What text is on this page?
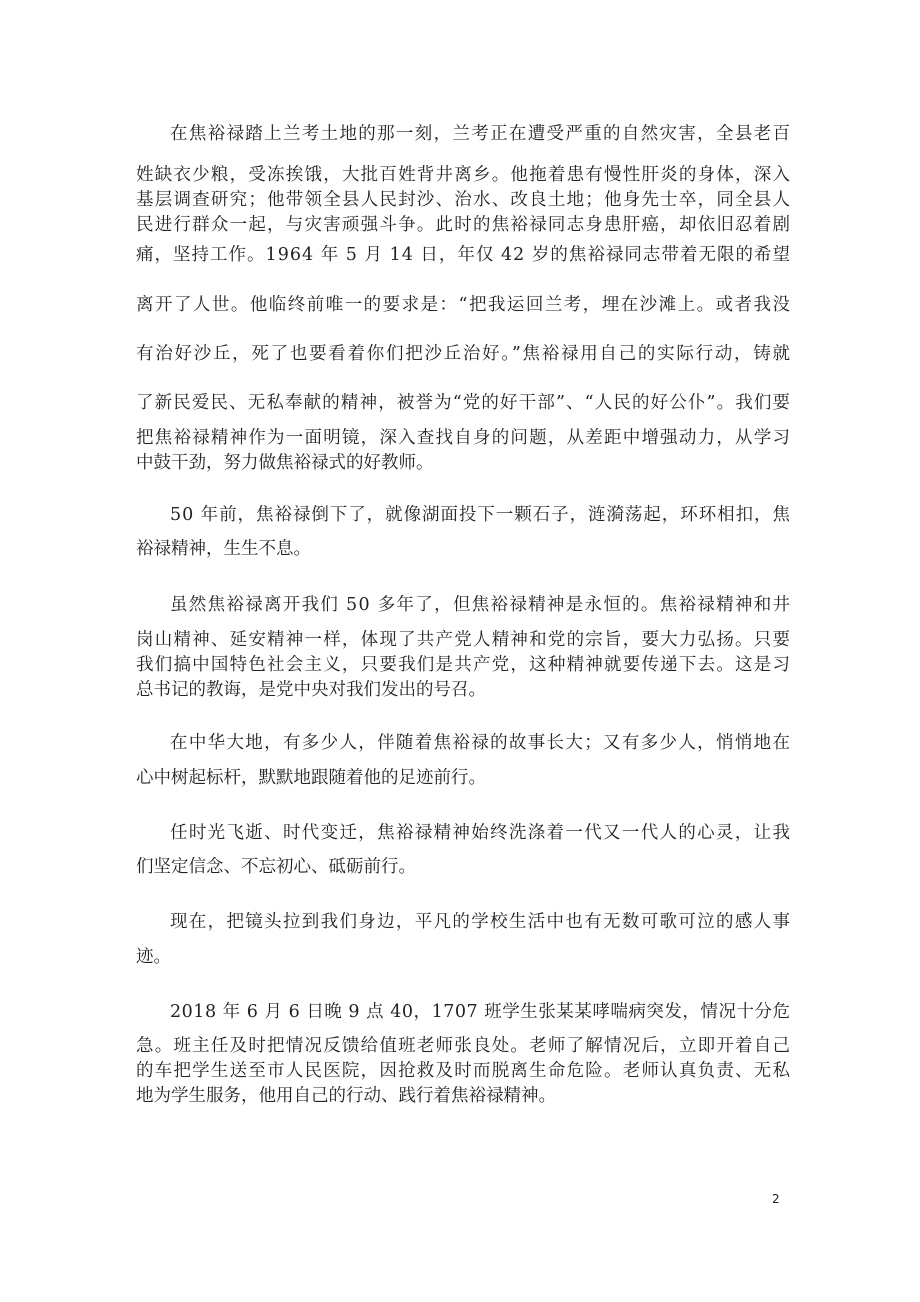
在焦裕禄踏上兰考土地的那一刻，兰考正在遭受严重的自然灾害，全县老百
姓缺衣少粮，受冻挨饿，大批百姓背井离乡。他拖着患有慢性肝炎的身体，深入
基层调查研究；他带领全县人民封沙、治水、改良土地；他身先士卒，同全县人
民进行群众一起，与灾害顽强斗争。此时的焦裕禄同志身患肝癌，却依旧忍着剧
痛，坚持工作。1964 年 5 月 14 日，年仅 42 岁的焦裕禄同志带着无限的希望
离开了人世。他临终前唯一的要求是：“把我运回兰考，埋在沙滩上。或者我没
有治好沙丘，死了也要看着你们把沙丘治好。”焦裕禄用自己的实际行动，铸就
了新民爱民、无私奉献的精神，被誉为“党的好干部”、“人民的好公仆”。我们要
把焦裕禄精神作为一面明镜，深入查找自身的问题，从差距中增强动力，从学习
中鼓干劲，努力做焦裕禄式的好教师。
50 年前，焦裕禄倒下了，就像湖面投下一颗石子，涟漪荡起，环环相扣，焦
裕禄精神，生生不息。
虽然焦裕禄离开我们 50 多年了，但焦裕禄精神是永恒的。焦裕禄精神和井
岗山精神、延安精神一样，体现了共产党人精神和党的宗旨，要大力弘扬。只要
我们搞中国特色社会主义，只要我们是共产党，这种精神就要传递下去。这是习
总书记的教诲，是党中央对我们发出的号召。
在中华大地，有多少人，伴随着焦裕禄的故事长大；又有多少人，悄悄地在
心中树起标杆，默默地跟随着他的足迹前行。
任时光飞逝、时代变迁，焦裕禄精神始终洗涤着一代又一代人的心灵，让我
们坚定信念、不忘初心、砥砺前行。
现在，把镜头拉到我们身边，平凡的学校生活中也有无数可歌可泣的感人事
迹。
2018 年 6 月 6 日晚 9 点 40，1707 班学生张某某哮喘病突发，情况十分危
急。班主任及时把情况反馈给值班老师张良处。老师了解情况后，立即开着自己
的车把学生送至市人民医院，因抢救及时而脱离生命危险。老师认真负责、无私
地为学生服务，他用自己的行动、践行着焦裕禄精神。
2
